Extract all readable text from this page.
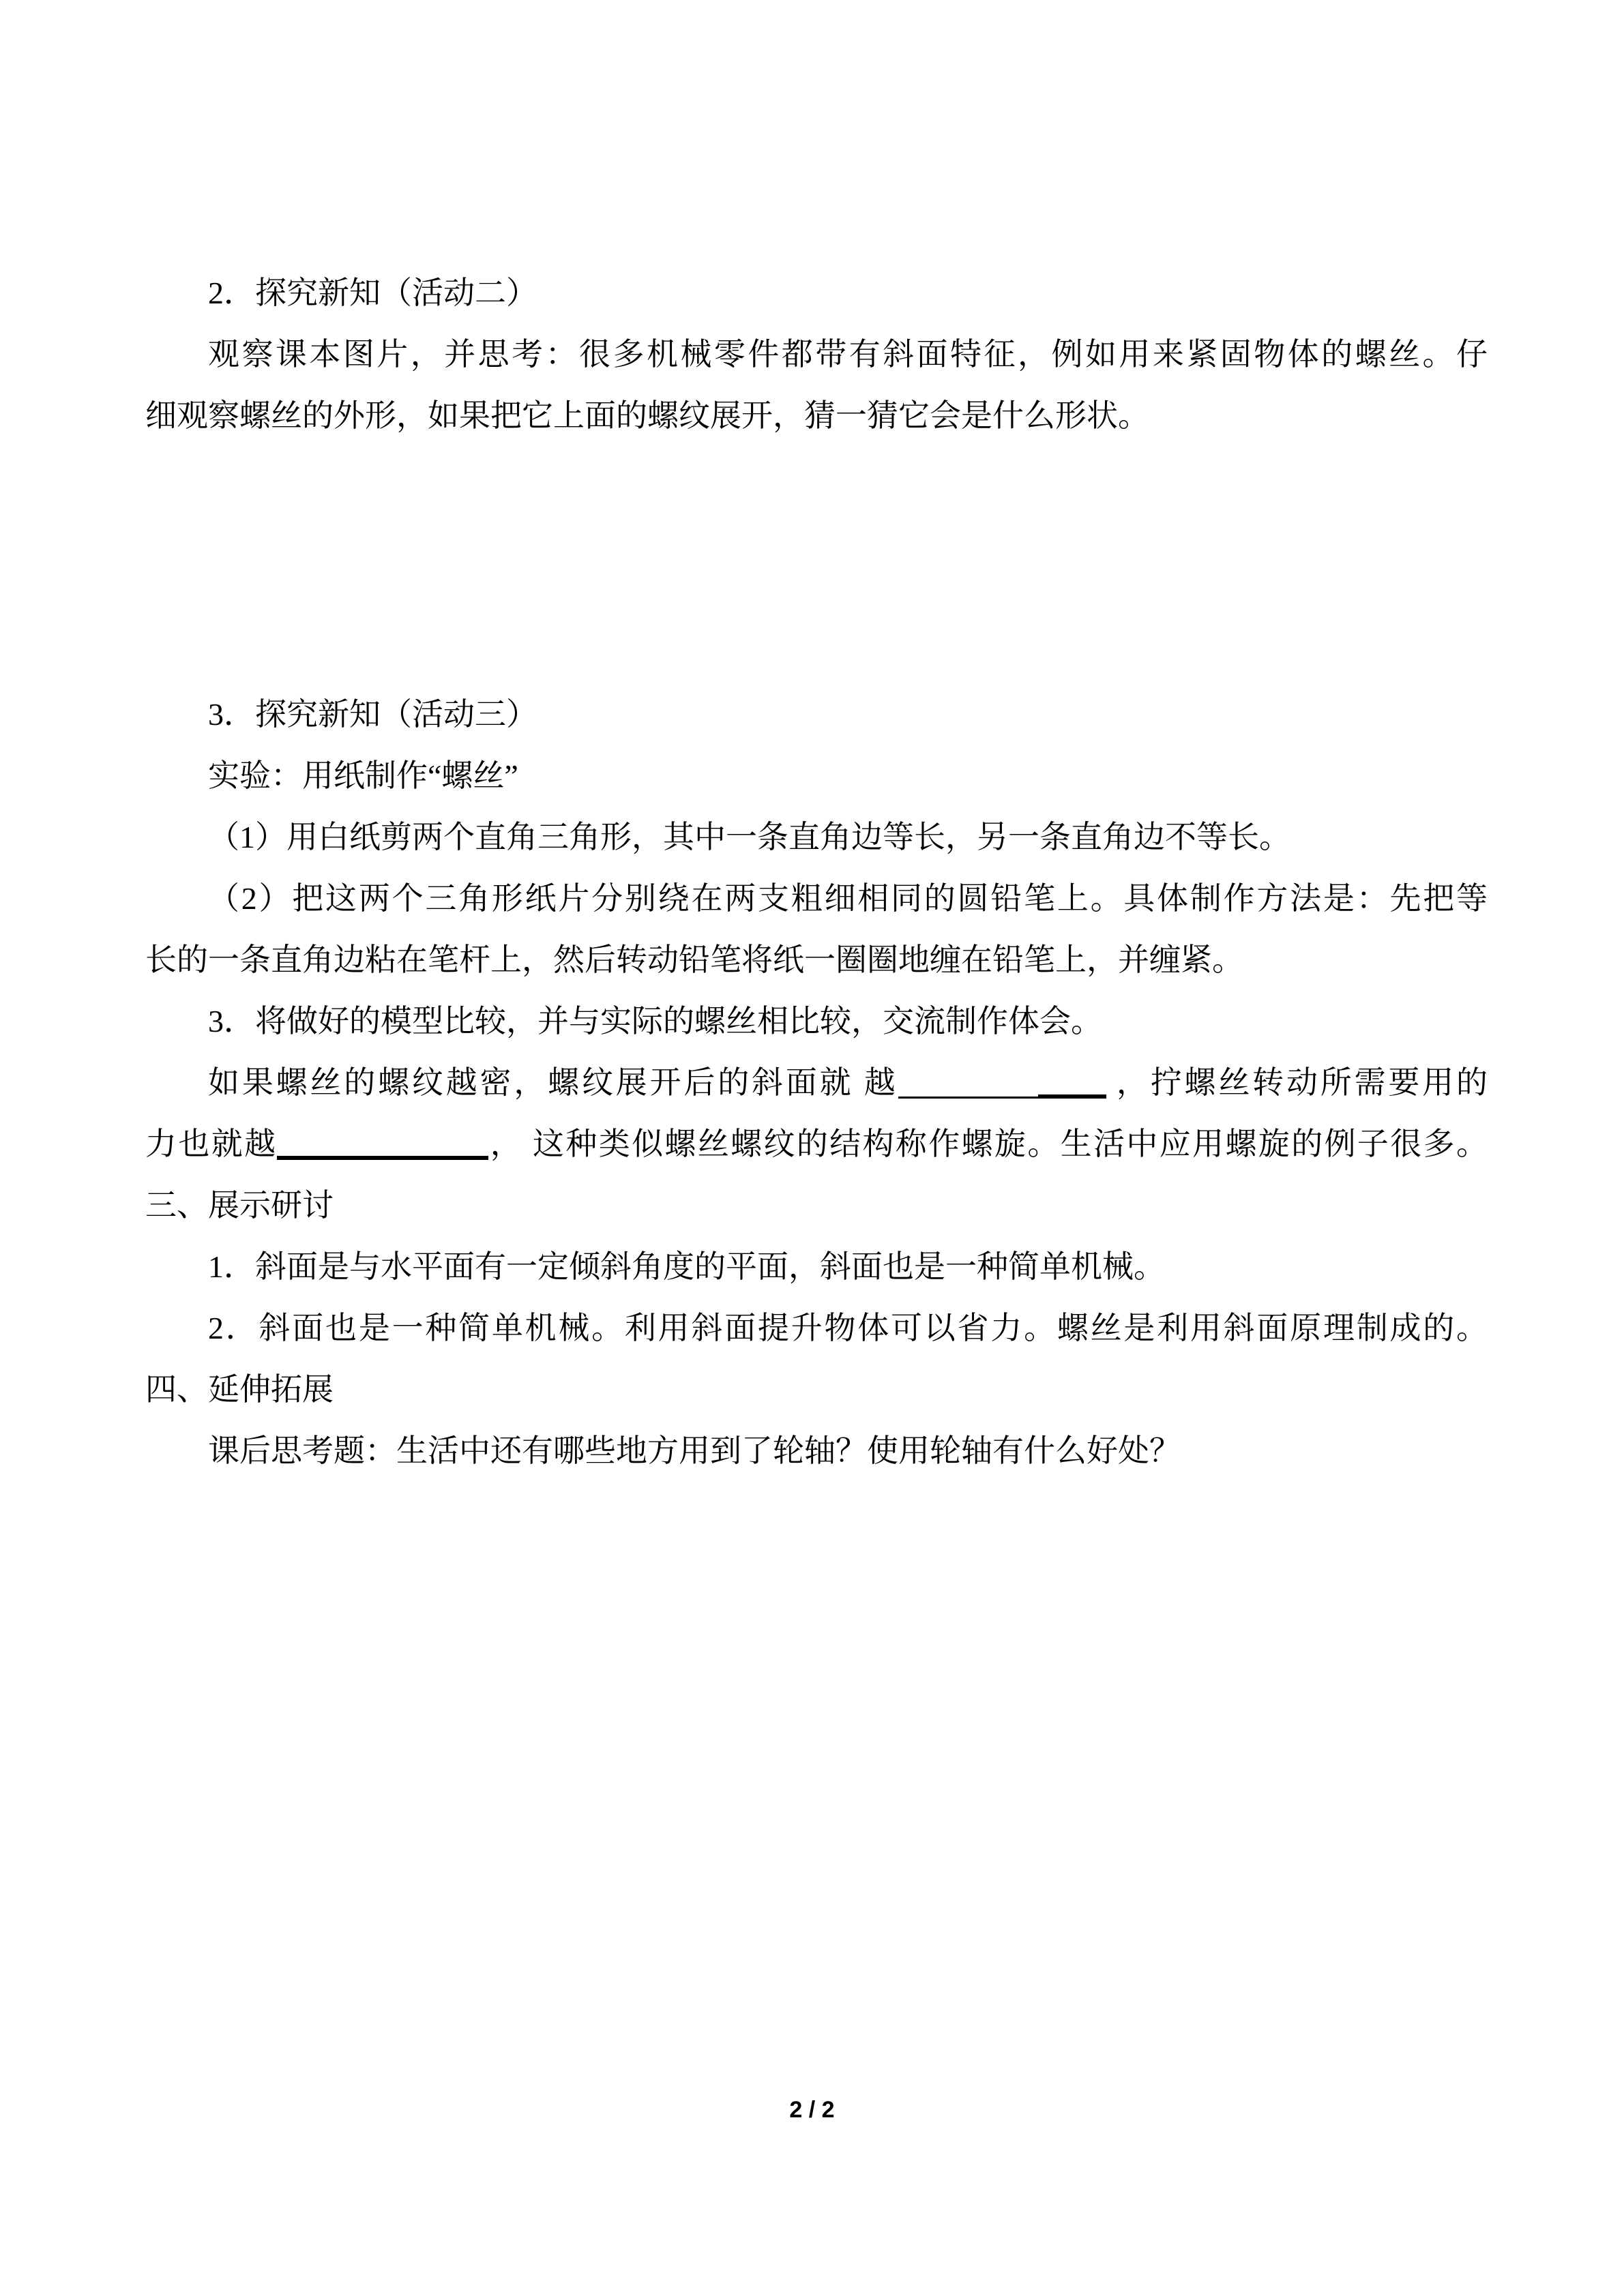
2．探究新知（活动二）
观察课本图片，并思考：很多机械零件都带有斜面特征，例如用来紧固物体的螺丝。仔
细观察螺丝的外形，如果把它上面的螺纹展开，猜一猜它会是什么形状。
3．探究新知（活动三）
实验：用纸制作“螺丝”
（1）用白纸剪两个直角三角形，其中一条直角边等长，另一条直角边不等长。
（2）把这两个三角形纸片分别绕在两支粗细相同的圆铅笔上。具体制作方法是：先把等
长的一条直角边粘在笔杆上，然后转动铅笔将纸一圈圈地缠在铅笔上，并缠紧。
3．将做好的模型比较，并与实际的螺丝相比较，交流制作体会。
如果螺丝的螺纹越密，螺纹展开后的斜面就 越	，拧螺丝转动所需要用的
力也就越	， 这种类似螺丝螺纹的结构称作螺旋。生活中应用螺旋的例子很多。
三、展示研讨
1．斜面是与水平面有一定倾斜角度的平面，斜面也是一种简单机械。
2．斜面也是一种简单机械。利用斜面提升物体可以省力。螺丝是利用斜面原理制成的。
四、延伸拓展
课后思考题：生活中还有哪些地方用到了轮轴？使用轮轴有什么好处？
2 / 2
